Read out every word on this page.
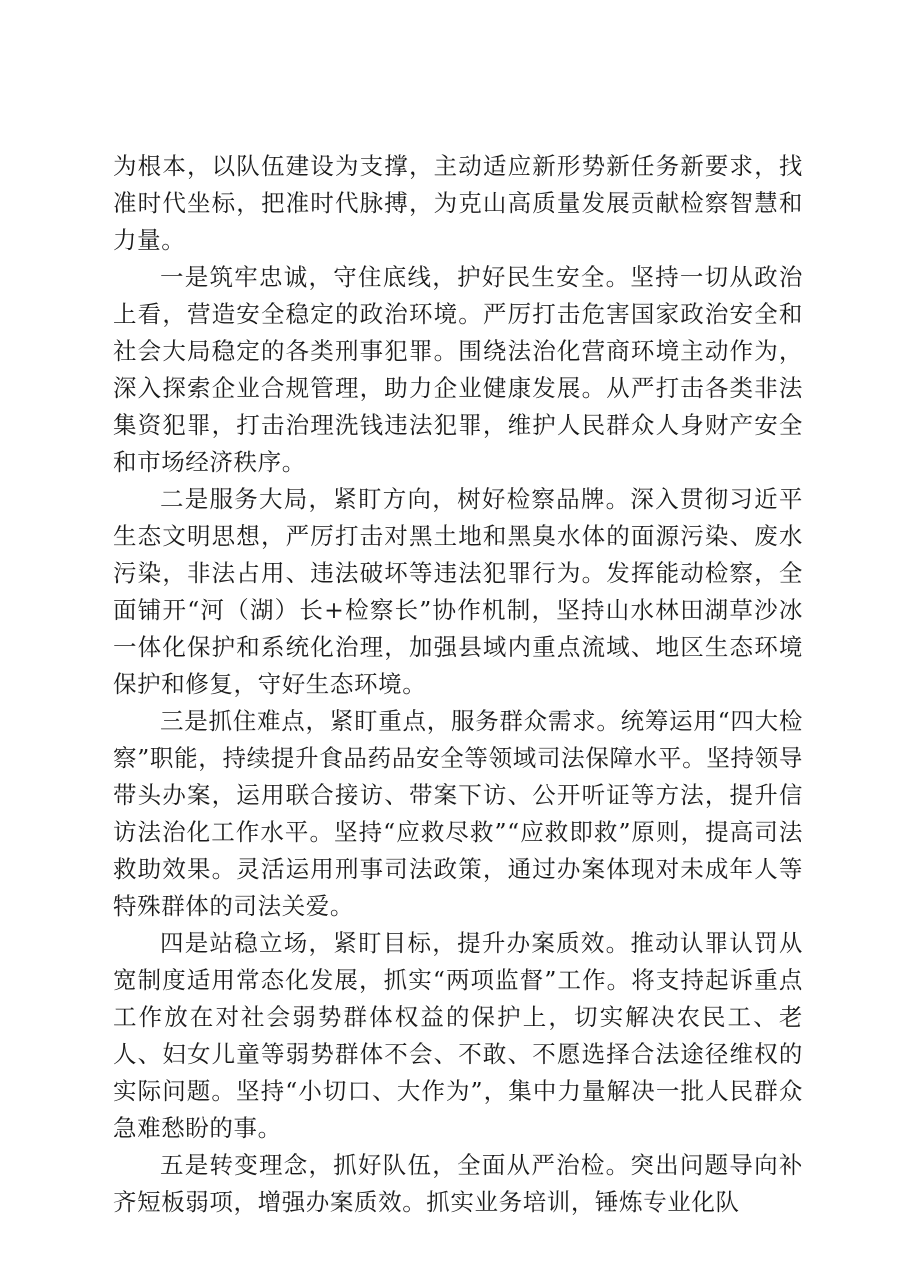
为根本，以队伍建设为支撑，主动适应新形势新任务新要求，找准时代坐标，把准时代脉搏，为克山高质量发展贡献检察智慧和力量。

一是筑牢忠诚，守住底线，护好民生安全。坚持一切从政治上看，营造安全稳定的政治环境。严厉打击危害国家政治安全和社会大局稳定的各类刑事犯罪。围绕法治化营商环境主动作为，深入探索企业合规管理，助力企业健康发展。从严打击各类非法集资犯罪，打击治理洗钱违法犯罪，维护人民群众人身财产安全和市场经济秩序。

二是服务大局，紧盯方向，树好检察品牌。深入贯彻习近平生态文明思想，严厉打击对黑土地和黑臭水体的面源污染、废水污染，非法占用、违法破坏等违法犯罪行为。发挥能动检察，全面铺开“河（湖）长+检察长”协作机制，坚持山水林田湖草沙冰一体化保护和系统化治理，加强县域内重点流域、地区生态环境保护和修复，守好生态环境。

三是抓住难点，紧盯重点，服务群众需求。统筹运用“四大检察”职能，持续提升食品药品安全等领域司法保障水平。坚持领导带头办案，运用联合接访、带案下访、公开听证等方法，提升信访法治化工作水平。坚持“应救尽救”“应救即救”原则，提高司法救助效果。灵活运用刑事司法政策，通过办案体现对未成年人等特殊群体的司法关爱。

四是站稳立场，紧盯目标，提升办案质效。推动认罪认罚从宽制度适用常态化发展，抓实“两项监督”工作。将支持起诉重点工作放在对社会弱势群体权益的保护上，切实解决农民工、老人、妇女儿童等弱势群体不会、不敢、不愿选择合法途径维权的实际问题。坚持“小切口、大作为”，集中力量解决一批人民群众急难愁盼的事。

五是转变理念，抓好队伍，全面从严治检。突出问题导向补齐短板弱项，增强办案质效。抓实业务培训，锤炼专业化队
